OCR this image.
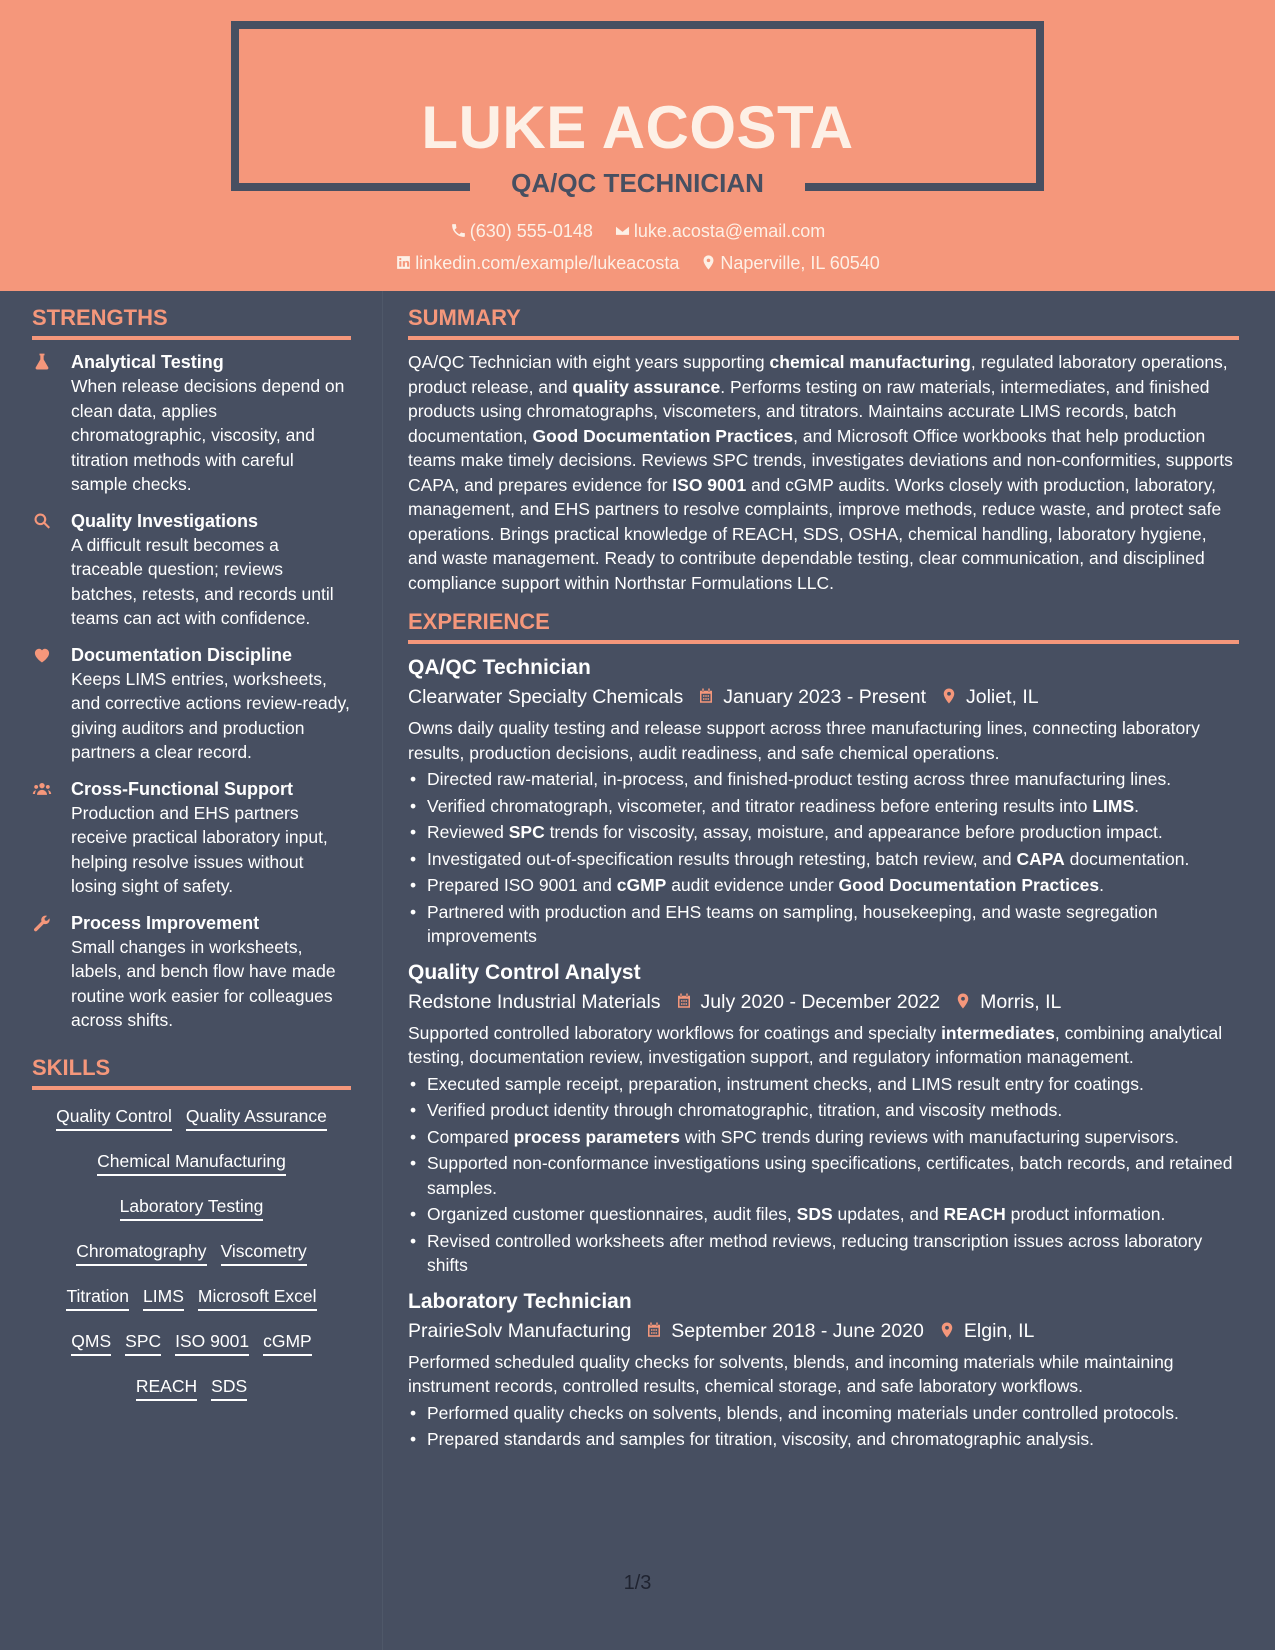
LUKE ACOSTA
QA/QC TECHNICIAN
(630) 555-0148 luke.acosta@email.com
linkedin.com/example/lukeacosta Naperville, IL 60540
STRENGTHS
Analytical Testing
When release decisions depend on clean data, applies chromatographic, viscosity, and titration methods with careful sample checks.
Quality Investigations
A difficult result becomes a traceable question; reviews batches, retests, and records until teams can act with confidence.
Documentation Discipline
Keeps LIMS entries, worksheets, and corrective actions review-ready, giving auditors and production partners a clear record.
Cross-Functional Support
Production and EHS partners receive practical laboratory input, helping resolve issues without losing sight of safety.
Process Improvement
Small changes in worksheets, labels, and bench flow have made routine work easier for colleagues across shifts.
SKILLS
Quality Control Quality Assurance
Chemical Manufacturing
Laboratory Testing
Chromatography Viscometry
Titration LIMS Microsoft Excel
QMS SPC ISO 9001 cGMP
REACH SDS
SUMMARY
QA/QC Technician with eight years supporting chemical manufacturing, regulated laboratory operations, product release, and quality assurance. Performs testing on raw materials, intermediates, and finished products using chromatographs, viscometers, and titrators. Maintains accurate LIMS records, batch documentation, Good Documentation Practices, and Microsoft Office workbooks that help production teams make timely decisions. Reviews SPC trends, investigates deviations and non-conformities, supports CAPA, and prepares evidence for ISO 9001 and cGMP audits. Works closely with production, laboratory, management, and EHS partners to resolve complaints, improve methods, reduce waste, and protect safe operations. Brings practical knowledge of REACH, SDS, OSHA, chemical handling, laboratory hygiene, and waste management. Ready to contribute dependable testing, clear communication, and disciplined compliance support within Northstar Formulations LLC.
EXPERIENCE
QA/QC Technician
Clearwater Specialty Chemicals January 2023 - Present Joliet, IL
Owns daily quality testing and release support across three manufacturing lines, connecting laboratory results, production decisions, audit readiness, and safe chemical operations.
• Directed raw-material, in-process, and finished-product testing across three manufacturing lines.
• Verified chromatograph, viscometer, and titrator readiness before entering results into LIMS.
• Reviewed SPC trends for viscosity, assay, moisture, and appearance before production impact.
• Investigated out-of-specification results through retesting, batch review, and CAPA documentation.
• Prepared ISO 9001 and cGMP audit evidence under Good Documentation Practices.
• Partnered with production and EHS teams on sampling, housekeeping, and waste segregation improvements
Quality Control Analyst
Redstone Industrial Materials July 2020 - December 2022 Morris, IL
Supported controlled laboratory workflows for coatings and specialty intermediates, combining analytical testing, documentation review, investigation support, and regulatory information management.
• Executed sample receipt, preparation, instrument checks, and LIMS result entry for coatings.
• Verified product identity through chromatographic, titration, and viscosity methods.
• Compared process parameters with SPC trends during reviews with manufacturing supervisors.
• Supported non-conformance investigations using specifications, certificates, batch records, and retained samples.
• Organized customer questionnaires, audit files, SDS updates, and REACH product information.
• Revised controlled worksheets after method reviews, reducing transcription issues across laboratory shifts
Laboratory Technician
PrairieSolv Manufacturing September 2018 - June 2020 Elgin, IL
Performed scheduled quality checks for solvents, blends, and incoming materials while maintaining instrument records, controlled results, chemical storage, and safe laboratory workflows.
• Performed quality checks on solvents, blends, and incoming materials under controlled protocols.
• Prepared standards and samples for titration, viscosity, and chromatographic analysis.
1/3
